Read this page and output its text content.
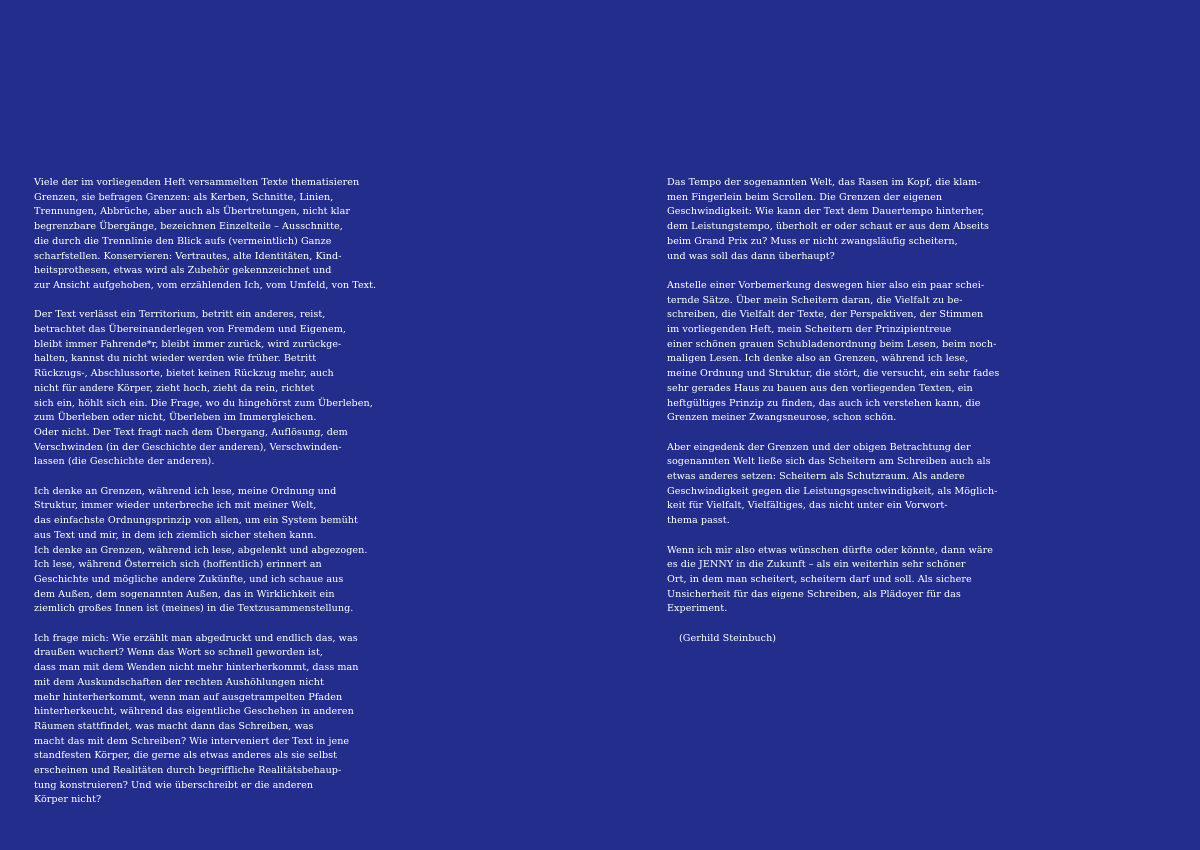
Viele der im vorliegenden Heft versammelten Texte thematisieren
Grenzen, sie befragen Grenzen: als Kerben, Schnitte, Linien,
Trennungen, Abbrüche, aber auch als Übertretungen, nicht klar
begrenzbare Übergänge, bezeichnen Einzelteile – Ausschnitte,
die durch die Trennlinie den Blick aufs (vermeintlich) Ganze
scharfstellen. Konservieren: Vertrautes, alte Identitäten, Kind-
heitsprothesen, etwas wird als Zubehör gekennzeichnet und
zur Ansicht aufgehoben, vom erzählenden Ich, vom Umfeld, von Text.

Der Text verlässt ein Territorium, betritt ein anderes, reist,
betrachtet das Übereinanderlegen von Fremdem und Eigenem,
bleibt immer Fahrende*r, bleibt immer zurück, wird zurückge-
halten, kannst du nicht wieder werden wie früher. Betritt
Rückzugs-, Abschlussorte, bietet keinen Rückzug mehr, auch
nicht für andere Körper, zieht hoch, zieht da rein, richtet
sich ein, höhlt sich ein. Die Frage, wo du hingehörst zum Überleben,
zum Überleben oder nicht, Überleben im Immergleichen.
Oder nicht. Der Text fragt nach dem Übergang, Auflösung, dem
Verschwinden (in der Geschichte der anderen), Verschwinden-
lassen (die Geschichte der anderen).

Ich denke an Grenzen, während ich lese, meine Ordnung und
Struktur, immer wieder unterbreche ich mit meiner Welt,
das einfachste Ordnungsprinzip von allen, um ein System bemüht
aus Text und mir, in dem ich ziemlich sicher stehen kann.
Ich denke an Grenzen, während ich lese, abgelenkt und abgezogen.
Ich lese, während Österreich sich (hoffentlich) erinnert an
Geschichte und mögliche andere Zukünfte, und ich schaue aus
dem Außen, dem sogenannten Außen, das in Wirklichkeit ein
ziemlich großes Innen ist (meines) in die Textzusammenstellung.

Ich frage mich: Wie erzählt man abgedruckt und endlich das, was
draußen wuchert? Wenn das Wort so schnell geworden ist,
dass man mit dem Wenden nicht mehr hinterherkommt, dass man
mit dem Auskundschaften der rechten Aushöhlungen nicht
mehr hinterherkommt, wenn man auf ausgetrampelten Pfaden
hinterherkeucht, während das eigentliche Geschehen in anderen
Räumen stattfindet, was macht dann das Schreiben, was
macht das mit dem Schreiben? Wie interveniert der Text in jene
standfesten Körper, die gerne als etwas anderes als sie selbst
erscheinen und Realitäten durch begriffliche Realitätsbehaup-
tung konstruieren? Und wie überschreibt er die anderen
Körper nicht?

Das Tempo der sogenannten Welt, das Rasen im Kopf, die klam-
men Fingerlein beim Scrollen. Die Grenzen der eigenen
Geschwindigkeit: Wie kann der Text dem Dauertempo hinterher,
dem Leistungstempo, überholt er oder schaut er aus dem Abseits
beim Grand Prix zu? Muss er nicht zwangsläufig scheitern,
und was soll das dann überhaupt?

Anstelle einer Vorbemerkung deswegen hier also ein paar schei-
ternde Sätze. Über mein Scheitern daran, die Vielfalt zu be-
schreiben, die Vielfalt der Texte, der Perspektiven, der Stimmen
im vorliegenden Heft, mein Scheitern der Prinzipientreue
einer schönen grauen Schubladenordnung beim Lesen, beim noch-
maligen Lesen. Ich denke also an Grenzen, während ich lese,
meine Ordnung und Struktur, die stört, die versucht, ein sehr fades
sehr gerades Haus zu bauen aus den vorliegenden Texten, ein
heftgültiges Prinzip zu finden, das auch ich verstehen kann, die
Grenzen meiner Zwangsneurose, schon schön.

Aber eingedenk der Grenzen und der obigen Betrachtung der
sogenannten Welt ließe sich das Scheitern am Schreiben auch als
etwas anderes setzen: Scheitern als Schutzraum. Als andere
Geschwindigkeit gegen die Leistungsgeschwindigkeit, als Möglich-
keit für Vielfalt, Vielfältiges, das nicht unter ein Vorwort-
thema passt.

Wenn ich mir also etwas wünschen dürfte oder könnte, dann wäre
es die JENNY in die Zukunft – als ein weiterhin sehr schöner
Ort, in dem man scheitert, scheitern darf und soll. Als sichere
Unsicherheit für das eigene Schreiben, als Plädoyer für das
Experiment.

(Gerhild Steinbuch)
